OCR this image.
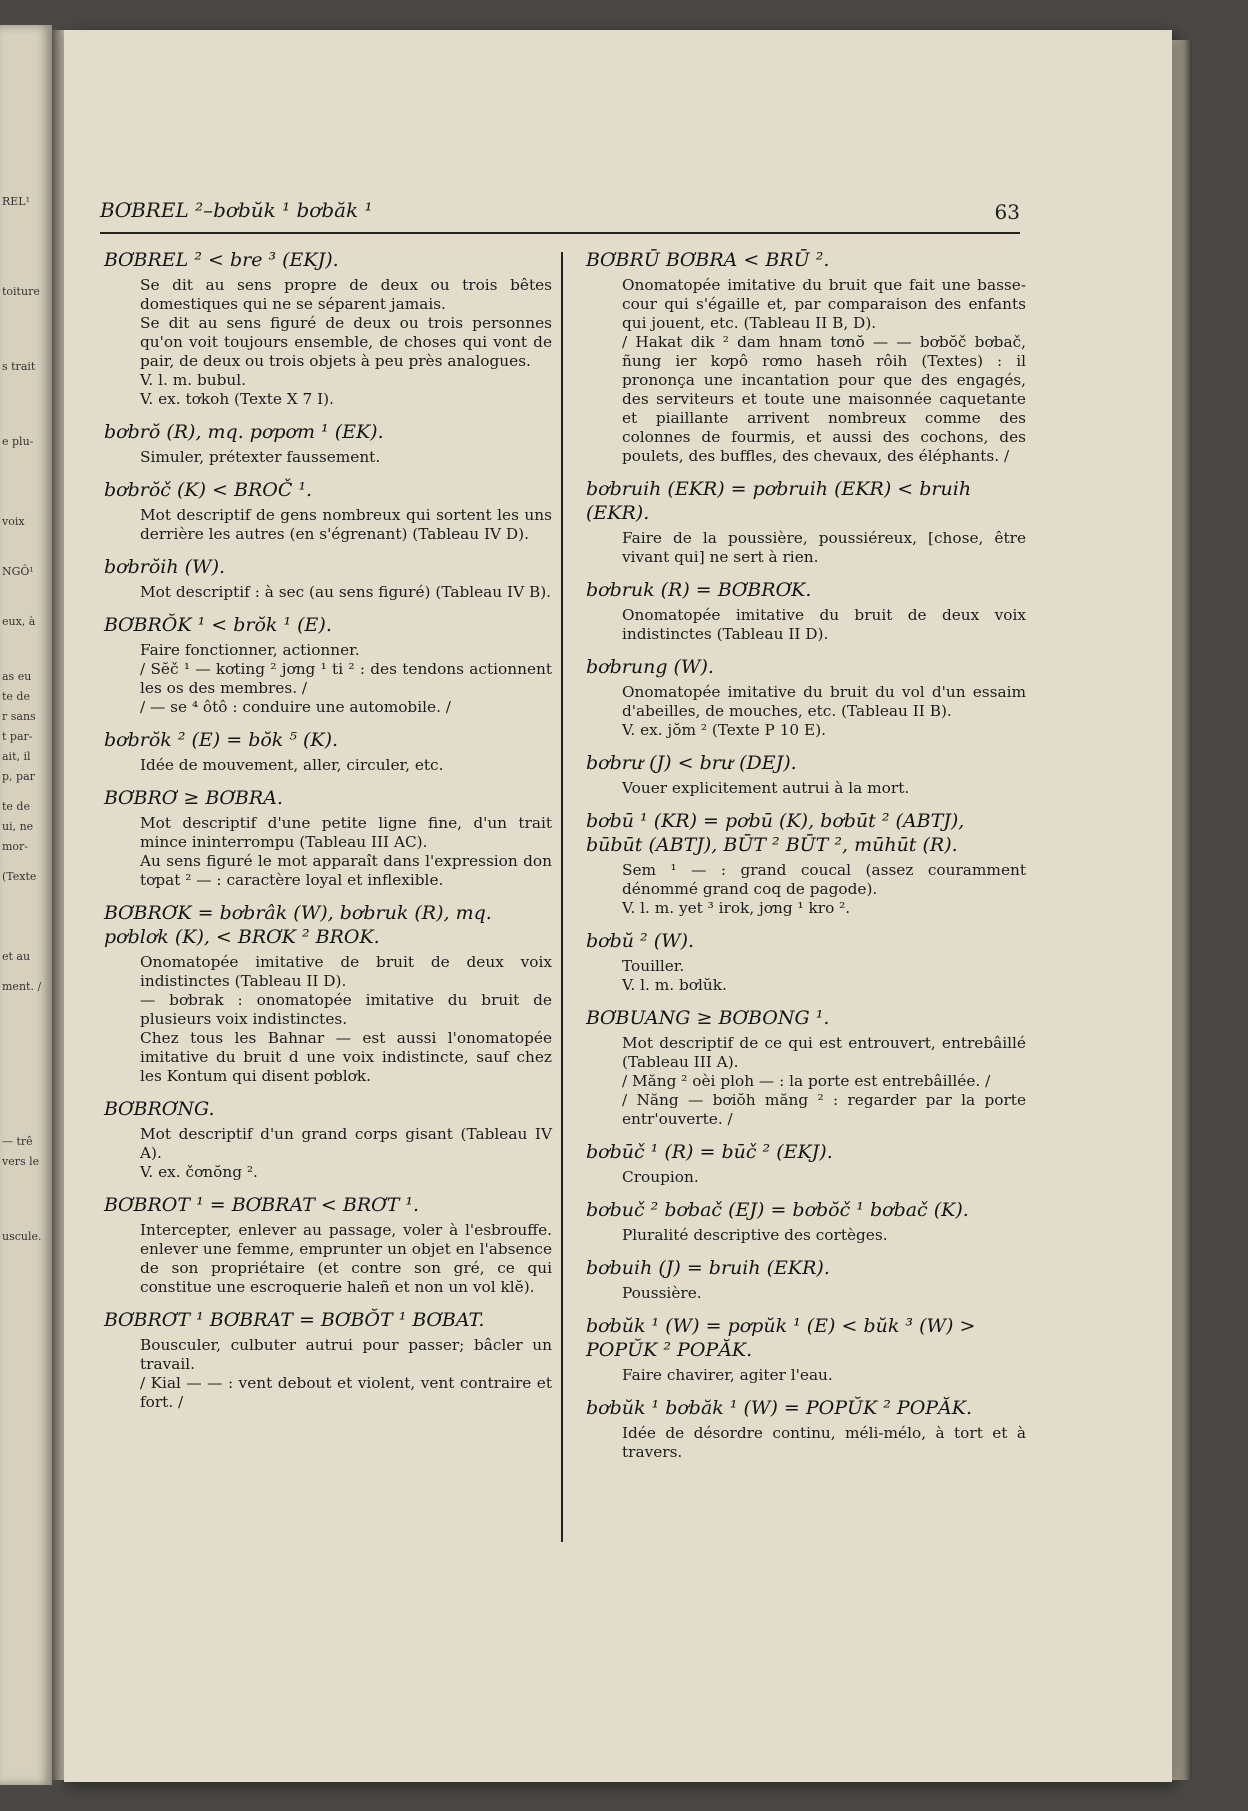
REL¹
toiture
s trait
e plu-
voix
NGÔ¹
eux, à
as eu
te de
r sans
t par-
ait, il
p, par
te de
ui, ne
mor-
(Texte
et au
ment. /
— trê
vers le
uscule.
BƠBREL ²–bơbŭk ¹ bơbăk ¹	63
BƠBREL ² < bre ³ (EKJ).

Se dit au sens propre de deux ou trois bêtes domestiques qui ne se séparent jamais.

Se dit au sens figuré de deux ou trois personnes qu'on voit toujours ensemble, de choses qui vont de pair, de deux ou trois objets à peu près analogues.

V. l. m. bubul.

V. ex. tơkoh (Texte X 7 I).

bơbrŏ (R), mq. pơpơm ¹ (EK).

Simuler, prétexter faussement.

bơbrŏč (K) < BROČ ¹.

Mot descriptif de gens nombreux qui sortent les uns derrière les autres (en s'égrenant) (Tableau IV D).

bơbrŏih (W).

Mot descriptif : à sec (au sens figuré) (Tableau IV B).

BƠBRŎK ¹ < brŏk ¹ (E).

Faire fonctionner, actionner.

/ Sĕč ¹ — kơting ² jơng ¹ ti ² : des tendons actionnent les os des membres. /

/ — se ⁴ ôtô : conduire une automobile. /

bơbrŏk ² (E) = bŏk ⁵ (K).

Idée de mouvement, aller, circuler, etc.

BƠBRƠ ≥ BƠBRA.

Mot descriptif d'une petite ligne fine, d'un trait mince ininterrompu (Tableau III AC).

Au sens figuré le mot apparaît dans l'expression don tơpat ² — : caractère loyal et inflexible.

BƠBRƠK = bơbrâk (W), bơbruk (R), mq. pơblơk (K), < BRƠK ² BROK.

Onomatopée imitative de bruit de deux voix indistinctes (Tableau II D).

— bơbrak : onomatopée imitative du bruit de plusieurs voix indistinctes.

Chez tous les Bahnar — est aussi l'onomatopée imitative du bruit d une voix indistincte, sauf chez les Kontum qui disent pơblơk.

BƠBRƠNG.

Mot descriptif d'un grand corps gisant (Tableau IV A).

V. ex. čơnŏng ².

BƠBROT ¹ = BƠBRAT < BRƠT ¹.

Intercepter, enlever au passage, voler à l'esbrouffe. enlever une femme, emprunter un objet en l'absence de son propriétaire (et contre son gré, ce qui constitue une escroquerie haleñ et non un vol klĕ).

BƠBRƠT ¹ BƠBRAT = BƠBŎT ¹ BƠBAT.

Bousculer, culbuter autrui pour passer; bâcler un travail.

/ Kial — — : vent debout et violent, vent contraire et fort. /

BƠBRŪ BƠBRA < BRŪ ².

Onomatopée imitative du bruit que fait une basse-cour qui s'égaille et, par comparaison des enfants qui jouent, etc. (Tableau II B, D).

/ Hakat dik ² dam hnam tơnŏ — — bơbŏč bơbač, ñung ier kơpô rơmo haseh rôih (Textes) : il prononça une incantation pour que des engagés, des serviteurs et toute une maisonnée caquetante et piaillante arrivent nombreux comme des colonnes de fourmis, et aussi des cochons, des poulets, des buffles, des chevaux, des éléphants. /

bơbruih (EKR) = pơbruih (EKR) < bruih (EKR).

Faire de la poussière, poussiéreux, [chose, être vivant qui] ne sert à rien.

bơbruk (R) = BƠBRƠK.

Onomatopée imitative du bruit de deux voix indistinctes (Tableau II D).

bơbrung (W).

Onomatopée imitative du bruit du vol d'un essaim d'abeilles, de mouches, etc. (Tableau II B).

V. ex. jŏm ² (Texte P 10 E).

bơbrư (J) < brư (DEJ).

Vouer explicitement autrui à la mort.

bơbū ¹ (KR) = pơbū (K), bơbūt ² (ABTJ), būbūt (ABTJ), BŪT ² BŪT ², mūhūt (R).

Sem ¹ — : grand coucal (assez couramment dénommé grand coq de pagode).

V. l. m. yet ³ irok, jơng ¹ kro ².

bơbŭ ² (W).

Touiller.

V. l. m. bơlŭk.

BƠBUANG ≥ BƠBONG ¹.

Mot descriptif de ce qui est entrouvert, entrebâillé (Tableau III A).

/ Măng ² oèi ploh — : la porte est entrebâillée. /

/ Năng — bơiŏh măng ² : regarder par la porte entr'ouverte. /

bơbūč ¹ (R) = būč ² (EKJ).

Croupion.

bơbuč ² bơbač (EJ) = bơbŏč ¹ bơbač (K).

Pluralité descriptive des cortèges.

bơbuih (J) = bruih (EKR).

Poussière.

bơbŭk ¹ (W) = pơpŭk ¹ (E) < bŭk ³ (W) > POPŬK ² POPĂK.

Faire chavirer, agiter l'eau.

bơbŭk ¹ bơbăk ¹ (W) = POPŬK ² POPĂK.

Idée de désordre continu, méli-mélo, à tort et à travers.
